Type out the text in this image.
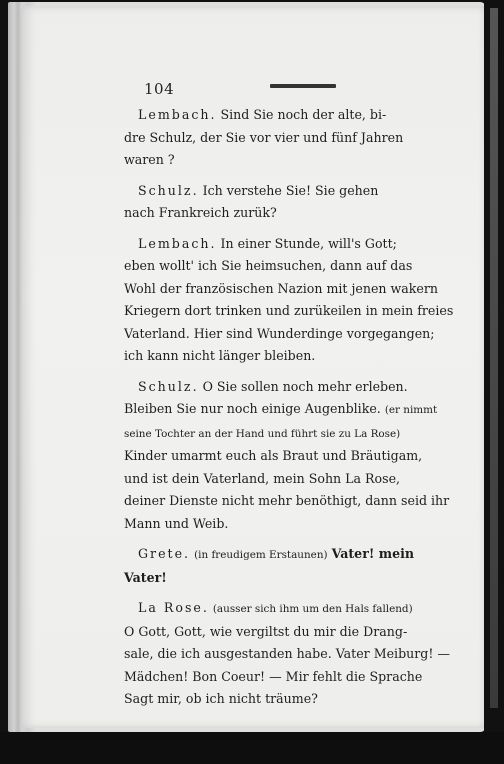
104
Lembach. Sind Sie noch der alte, bi-
dre Schulz, der Sie vor vier und fünf Jahren
waren ?
Schulz. Ich verstehe Sie! Sie gehen
nach Frankreich zurük?
Lembach. In einer Stunde, will's Gott;
eben wollt' ich Sie heimsuchen, dann auf das
Wohl der französischen Nazion mit jenen wakern
Kriegern dort trinken und zurükeilen in mein freies
Vaterland. Hier sind Wunderdinge vorgegangen;
ich kann nicht länger bleiben.
Schulz. O Sie sollen noch mehr erleben.
Bleiben Sie nur noch einige Augenblike. (er nimmt
seine Tochter an der Hand und führt sie zu La Rose)
Kinder umarmt euch als Braut und Bräutigam,
und ist dein Vaterland, mein Sohn La Rose,
deiner Dienste nicht mehr benöthigt, dann seid ihr
Mann und Weib.
Grete. (in freudigem Erstaunen) Vater! mein
Vater!
La Rose. (ausser sich ihm um den Hals fallend)
O Gott, Gott, wie vergiltst du mir die Drang-
sale, die ich ausgestanden habe. Vater Meiburg! —
Mädchen! Bon Coeur! — Mir fehlt die Sprache
Sagt mir, ob ich nicht träume?
